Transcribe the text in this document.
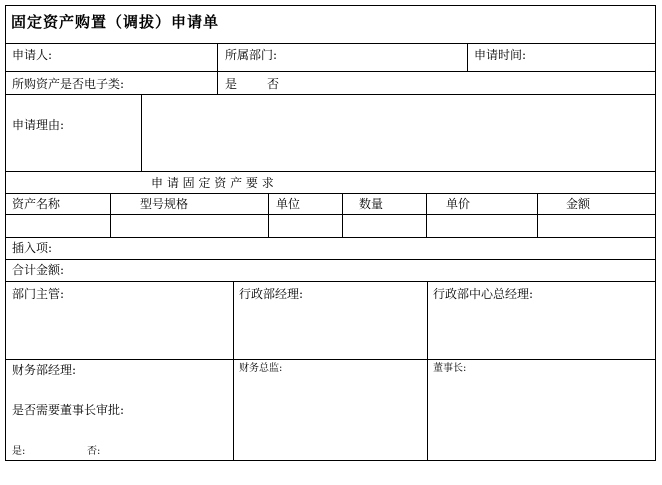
固定资产购置（调拔）申请单
申请人:	所属部门:	申请时间:
所购资产是否电子类:	是 否
申请理由:
申 请 固 定 资 产 要 求
资产名称	型号规格	单位	数量	单价	金额
插入项:
合计金额:
部门主管:	行政部经理:	行政部中心总经理:
财务部经理:	财务总监:	董事长:
是否需要董事长审批:
是:	否:
